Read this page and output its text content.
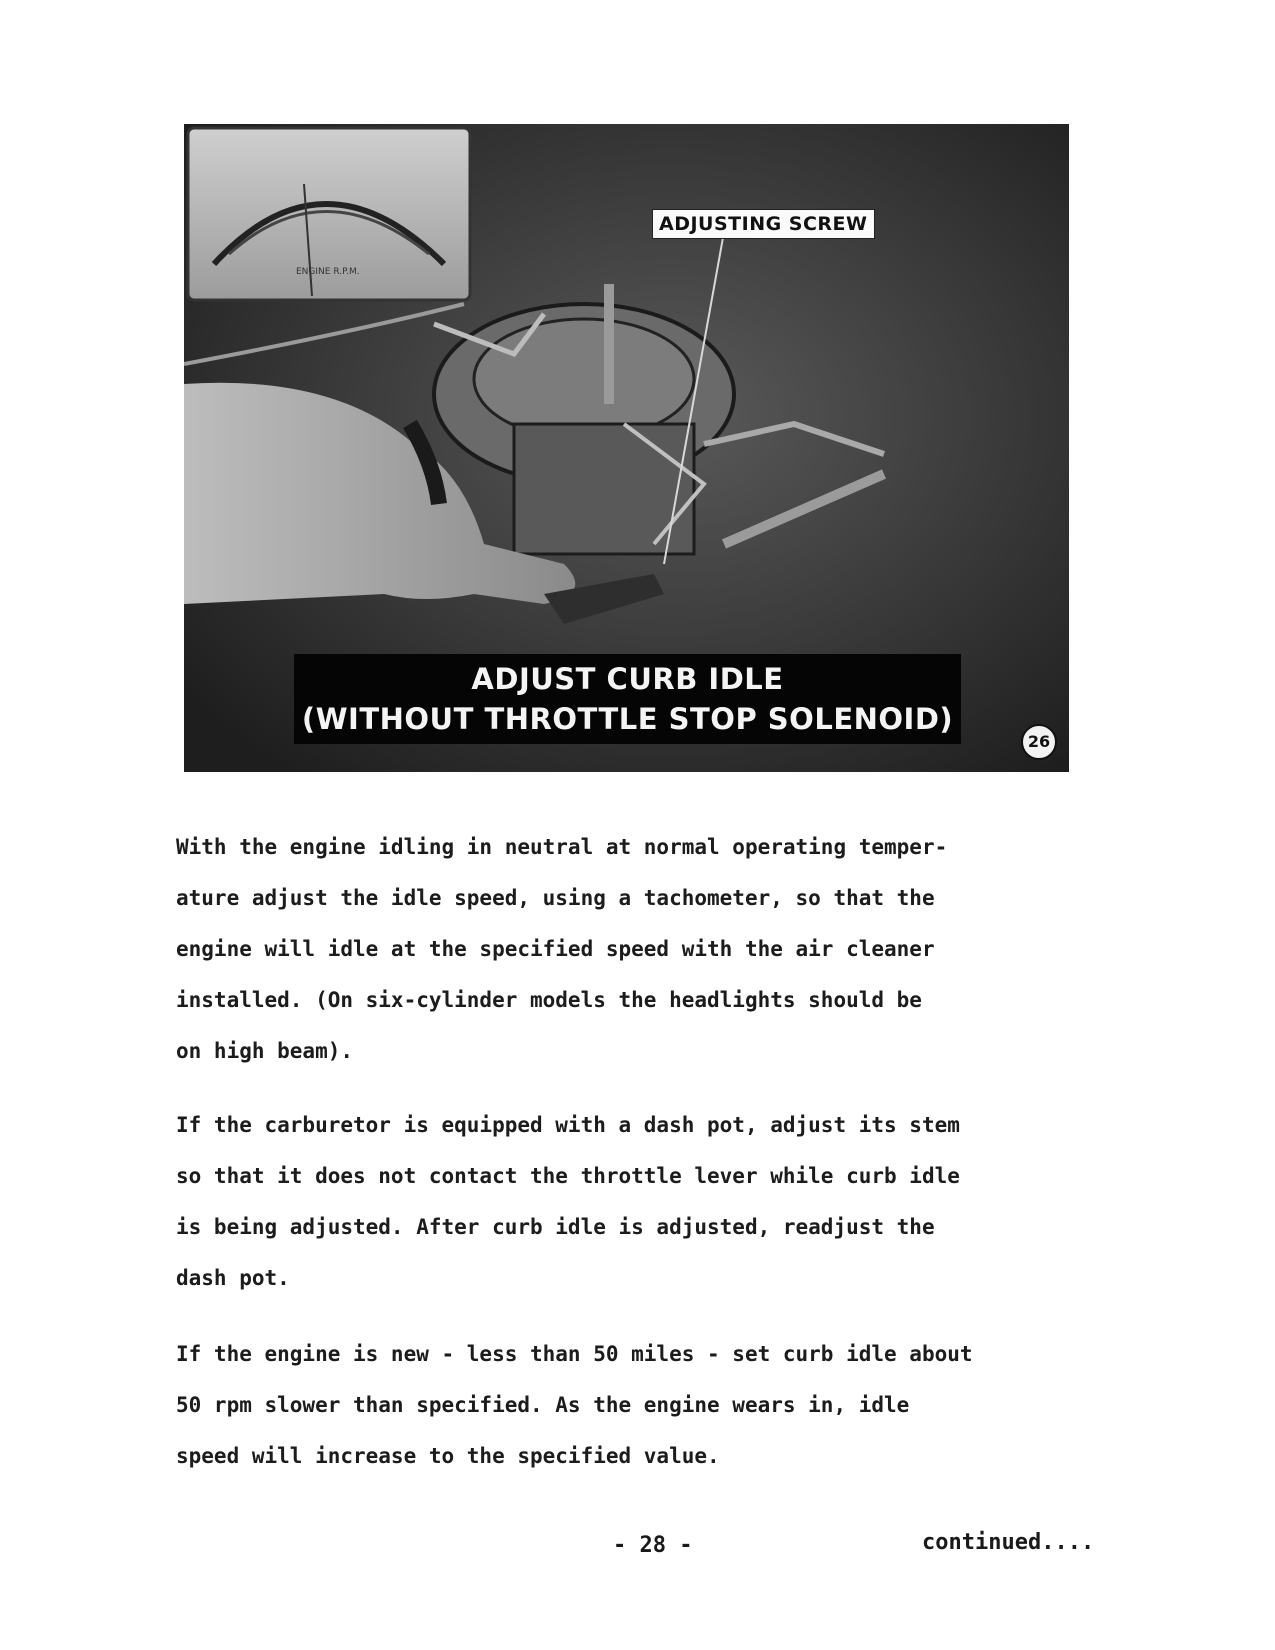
ENGINE R.P.M.
ADJUSTING SCREW
ADJUST CURB IDLE
(WITHOUT THROTTLE STOP SOLENOID)
26

With the engine idling in neutral at normal operating temper-
ature adjust the idle speed, using a tachometer, so that the
engine will idle at the specified speed with the air cleaner
installed. (On six-cylinder models the headlights should be
on high beam).

If the carburetor is equipped with a dash pot, adjust its stem
so that it does not contact the throttle lever while curb idle
is being adjusted. After curb idle is adjusted, readjust the
dash pot.

If the engine is new - less than 50 miles - set curb idle about
50 rpm slower than specified. As the engine wears in, idle
speed will increase to the specified value.

- 28 -	continued....
